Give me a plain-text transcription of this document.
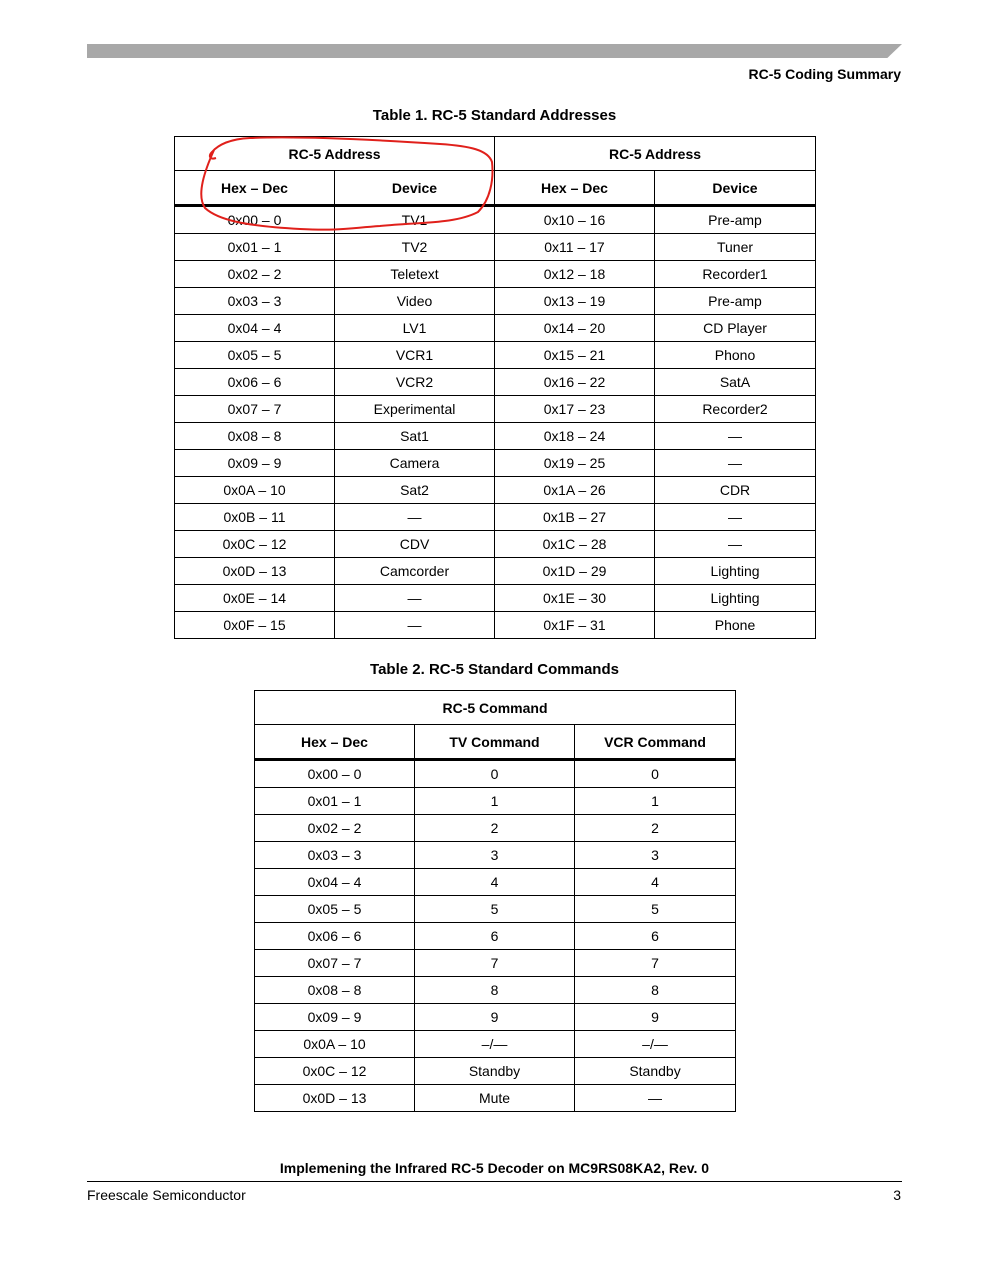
RC-5 Coding Summary
Table 1. RC-5 Standard Addresses
RC-5 Address		RC-5 Address	
Hex – Dec	Device	Hex – Dec	Device
0x00 – 0	TV1	0x10 – 16	Pre-amp
0x01 – 1	TV2	0x11 – 17	Tuner
0x02 – 2	Teletext	0x12 – 18	Recorder1
0x03 – 3	Video	0x13 – 19	Pre-amp
0x04 – 4	LV1	0x14 – 20	CD Player
0x05 – 5	VCR1	0x15 – 21	Phono
0x06 – 6	VCR2	0x16 – 22	SatA
0x07 – 7	Experimental	0x17 – 23	Recorder2
0x08 – 8	Sat1	0x18 – 24	—
0x09 – 9	Camera	0x19 – 25	—
0x0A – 10	Sat2	0x1A – 26	CDR
0x0B – 11	—	0x1B – 27	—
0x0C – 12	CDV	0x1C – 28	—
0x0D – 13	Camcorder	0x1D – 29	Lighting
0x0E – 14	—	0x1E – 30	Lighting
0x0F – 15	—	0x1F – 31	Phone
Table 2. RC-5 Standard Commands
RC-5 Command		
Hex – Dec	TV Command	VCR Command
0x00 – 0	0	0
0x01 – 1	1	1
0x02 – 2	2	2
0x03 – 3	3	3
0x04 – 4	4	4
0x05 – 5	5	5
0x06 – 6	6	6
0x07 – 7	7	7
0x08 – 8	8	8
0x09 – 9	9	9
0x0A – 10	–/—	–/—
0x0C – 12	Standby	Standby
0x0D – 13	Mute	—
Implemening the Infrared RC-5 Decoder on MC9RS08KA2, Rev. 0
Freescale Semiconductor	3
